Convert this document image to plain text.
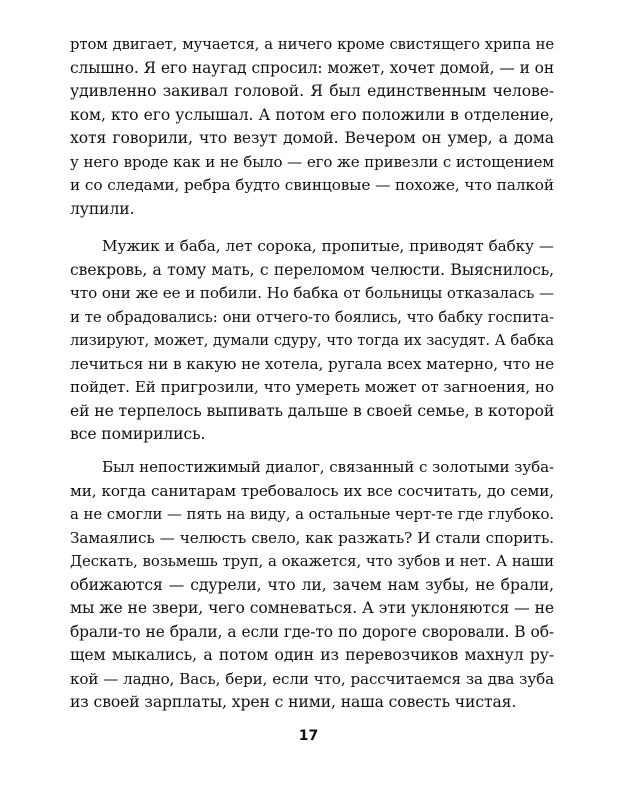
ртом двигает, мучается, а ничего кроме свистящего хрипа не
слышно. Я его наугад спросил: может, хочет домой, — и он
удивленно закивал головой. Я был единственным челове-
ком, кто его услышал. А потом его положили в отделение,
хотя говорили, что везут домой. Вечером он умер, а дома
у него вроде как и не было — его же привезли с истощением
и со следами, ребра будто свинцовые — похоже, что палкой
лупили.
Мужик и баба, лет сорока, пропитые, приводят бабку —
свекровь, а тому мать, с переломом челюсти. Выяснилось,
что они же ее и побили. Но бабка от больницы отказалась —
и те обрадовались: они отчего-то боялись, что бабку госпита-
лизируют, может, думали сдуру, что тогда их засудят. А бабка
лечиться ни в какую не хотела, ругала всех матерно, что не
пойдет. Ей пригрозили, что умереть может от загноения, но
ей не терпелось выпивать дальше в своей семье, в которой
все помирились.
Был непостижимый диалог, связанный с золотыми зуба-
ми, когда санитарам требовалось их все сосчитать, до семи,
а не смогли — пять на виду, а остальные черт-те где глубоко.
Замаялись — челюсть свело, как разжать? И стали спорить.
Дескать, возьмешь труп, а окажется, что зубов и нет. А наши
обижаются — сдурели, что ли, зачем нам зубы, не брали,
мы же не звери, чего сомневаться. А эти уклоняются — не
брали-то не брали, а если где-то по дороге своровали. В об-
щем мыкались, а потом один из перевозчиков махнул ру-
кой — ладно, Вась, бери, если что, рассчитаемся за два зуба
из своей зарплаты, хрен с ними, наша совесть чистая.
17
